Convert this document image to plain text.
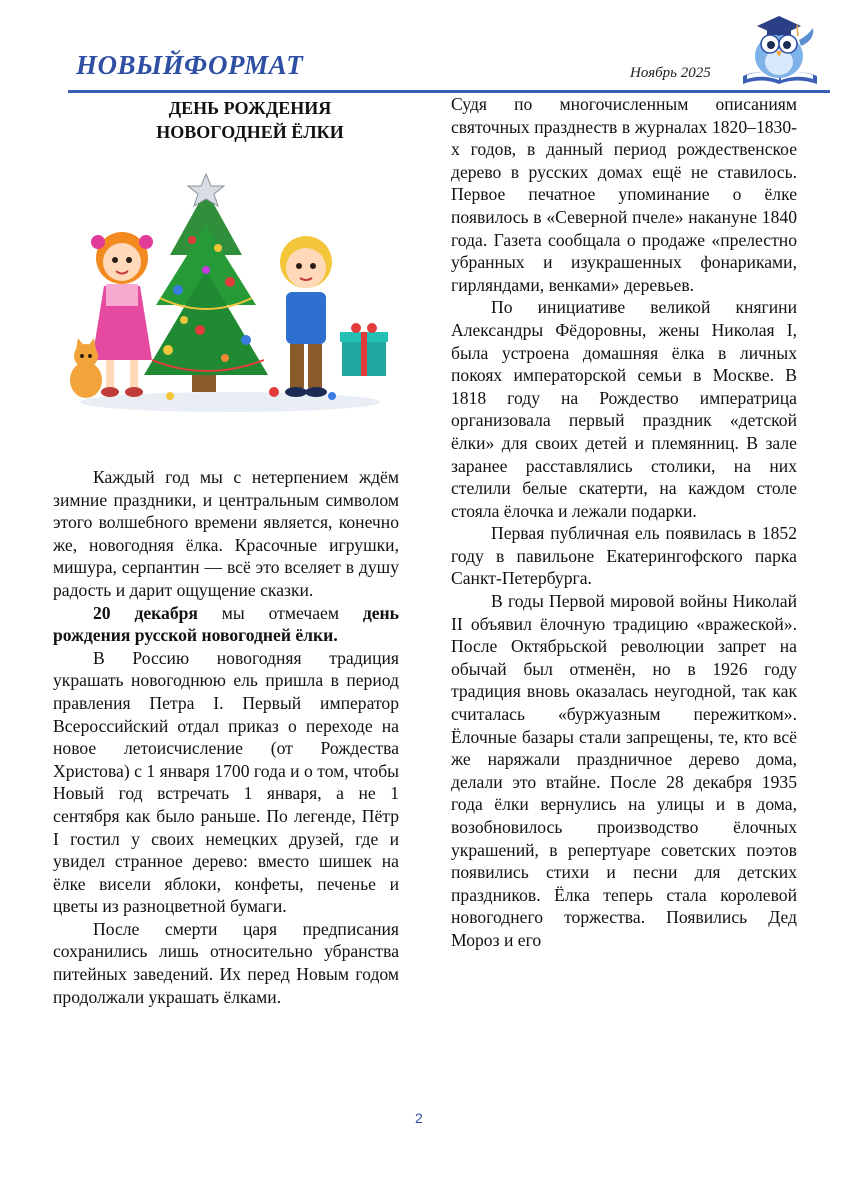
НОВЫЙФОРМАТ	Ноябрь 2025
ДЕНЬ РОЖДЕНИЯ
НОВОГОДНЕЙ ЁЛКИ

Каждый год мы с нетерпением ждём зимние праздники, и центральным символом этого волшебного времени является, конечно же, новогодняя ёлка. Красочные игрушки, мишура, серпантин — всё это вселяет в душу радость и дарит ощущение сказки.

20 декабря мы отмечаем день рождения русской новогодней ёлки.

В Россию новогодняя традиция украшать новогоднюю ель пришла в период правления Петра I. Первый император Всероссийский отдал приказ о переходе на новое летоисчисление (от Рождества Христова) с 1 января 1700 года и о том, чтобы Новый год встречать 1 января, а не 1 сентября как было раньше. По легенде, Пётр I гостил у своих немецких друзей, где и увидел странное дерево: вместо шишек на ёлке висели яблоки, конфеты, печенье и цветы из разноцветной бумаги.

После смерти царя предписания сохранились лишь относительно убранства питейных заведений. Их перед Новым годом продолжали украшать ёлками.

Судя по многочисленным описаниям святочных празднеств в журналах 1820‒1830-х годов, в данный период рождественское дерево в русских домах ещё не ставилось. Первое печатное упоминание о ёлке появилось в «Северной пчеле» накануне 1840 года. Газета сообщала о продаже «прелестно убранных и изукрашенных фонариками, гирляндами, венками» деревьев.

По инициативе великой княгини Александры Фёдоровны, жены Николая I, была устроена домашняя ёлка в личных покоях императорской семьи в Москве. В 1818 году на Рождество императрица организовала первый праздник «детской ёлки» для своих детей и племянниц. В зале заранее расставлялись столики, на них стелили белые скатерти, на каждом столе стояла ёлочка и лежали подарки.

Первая публичная ель появилась в 1852 году в павильоне Екатерингофского парка Санкт-Петербурга.

В годы Первой мировой войны Николай II объявил ёлочную традицию «вражеской». После Октябрьской революции запрет на обычай был отменён, но в 1926 году традиция вновь оказалась неугодной, так как считалась «буржуазным пережитком». Ёлочные базары стали запрещены, те, кто всё же наряжали праздничное дерево дома, делали это втайне. После 28 декабря 1935 года ёлки вернулись на улицы и в дома, возобновилось производство ёлочных украшений, в репертуаре советских поэтов появились стихи и песни для детских праздников. Ёлка теперь стала королевой новогоднего торжества. Появились Дед Мороз и его

2
